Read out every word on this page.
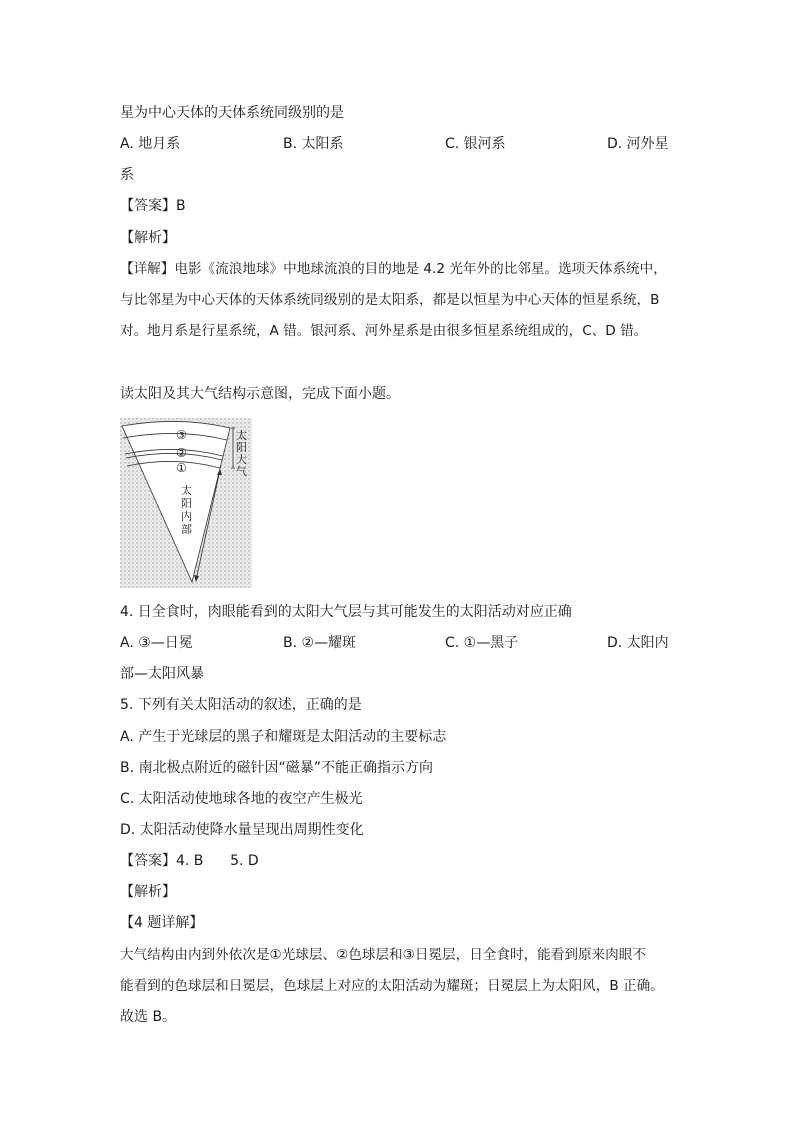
星为中心天体的天体系统同级别的是
A. 地月系	B. 太阳系	C. 银河系	D. 河外星
系
【答案】B
【解析】
【详解】电影《流浪地球》中地球流浪的目的地是 4.2 光年外的比邻星。选项天体系统中，
与比邻星为中心天体的天体系统同级别的是太阳系，都是以恒星为中心天体的恒星系统，B
对。地月系是行星系统，A 错。银河系、河外星系是由很多恒星系统组成的，C、D 错。
读太阳及其大气结构示意图，完成下面小题。
③
②
①
太阳大气
太阳内部
4. 日全食时，肉眼能看到的太阳大气层与其可能发生的太阳活动对应正确
A. ③—日冕	B. ②—耀斑	C. ①—黑子	D. 太阳内
部—太阳风暴
5. 下列有关太阳活动的叙述，正确的是
A. 产生于光球层的黑子和耀斑是太阳活动的主要标志
B. 南北极点附近的磁针因“磁暴”不能正确指示方向
C. 太阳活动使地球各地的夜空产生极光
D. 太阳活动使降水量呈现出周期性变化
【答案】4. B      5. D
【解析】
【4 题详解】
大气结构由内到外依次是①光球层、②色球层和③日冕层，日全食时，能看到原来肉眼不
能看到的色球层和日冕层，色球层上对应的太阳活动为耀斑；日冕层上为太阳风，B 正确。
故选 B。
